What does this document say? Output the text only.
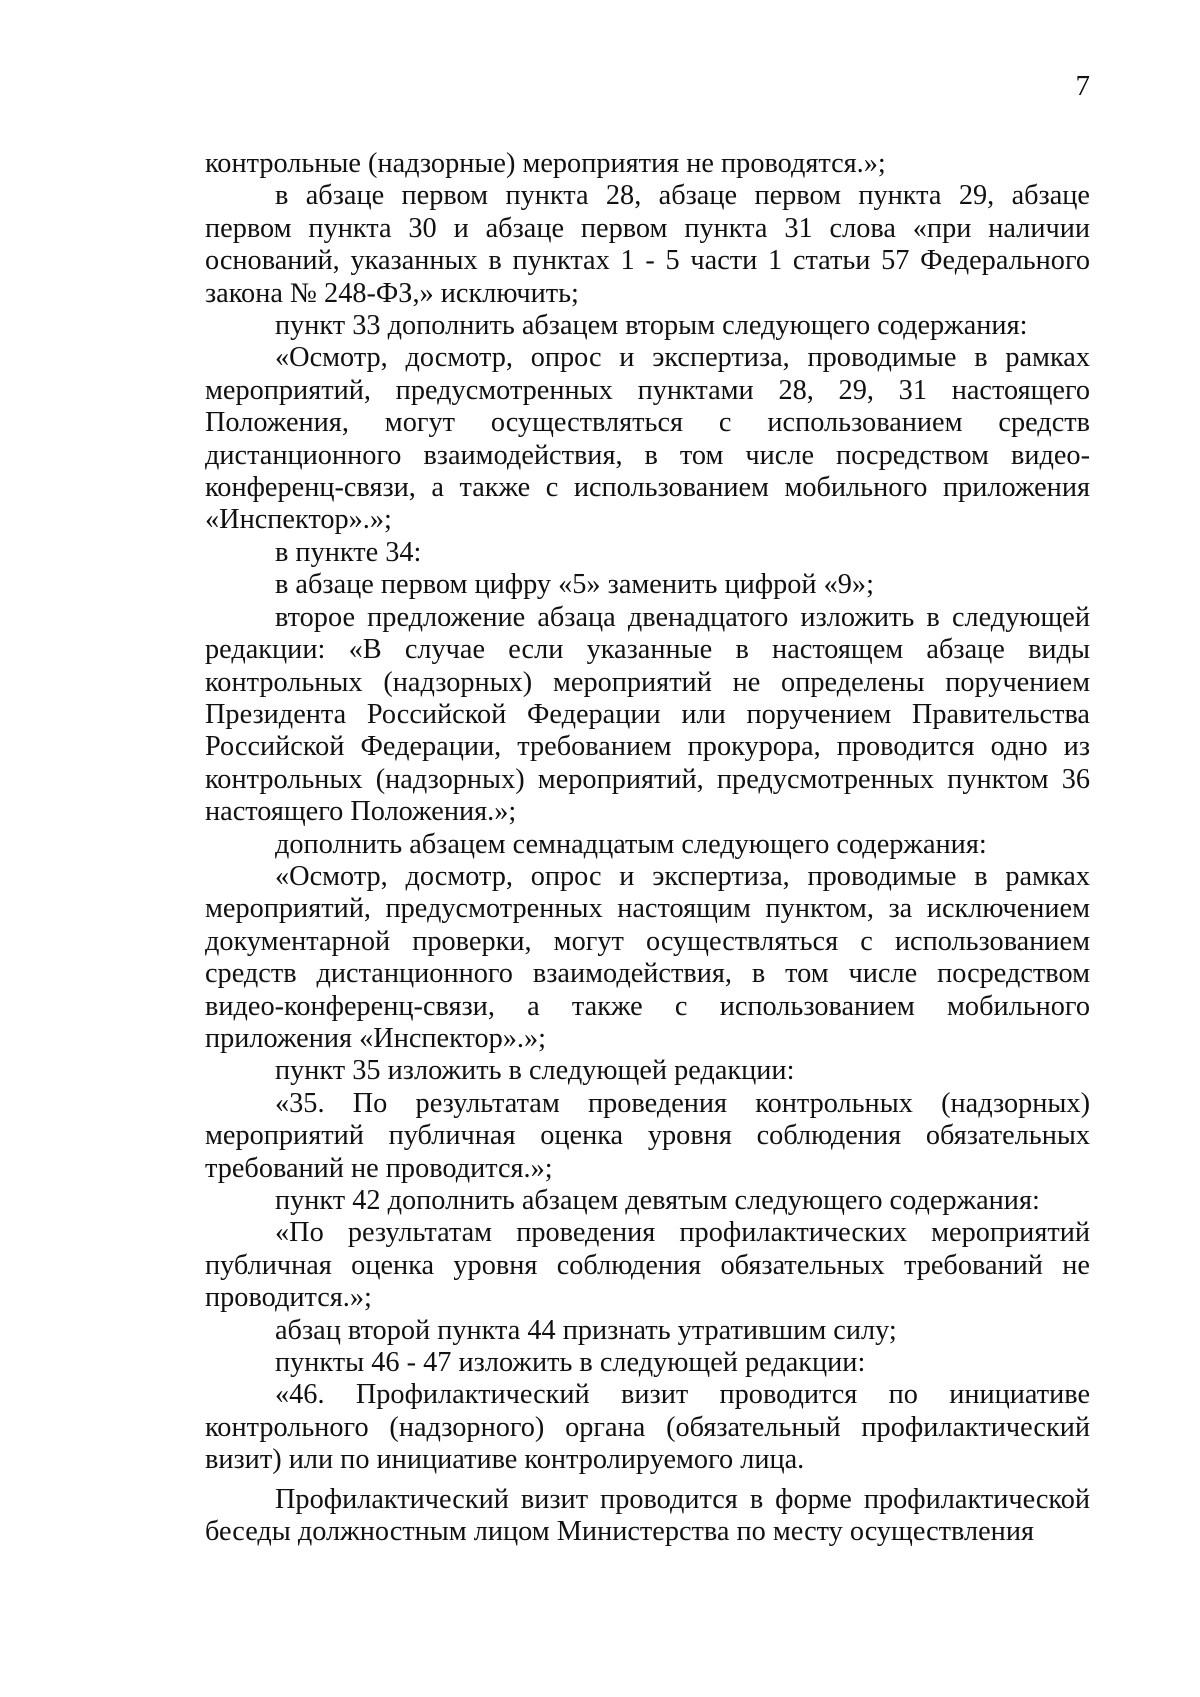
7

контрольные (надзорные) мероприятия не проводятся.»;

в абзаце первом пункта 28, абзаце первом пункта 29, абзаце первом пункта 30 и абзаце первом пункта 31 слова «при наличии оснований, указанных в пунктах 1 - 5 части 1 статьи 57 Федерального закона № 248-ФЗ,» исключить;

пункт 33 дополнить абзацем вторым следующего содержания:

«Осмотр, досмотр, опрос и экспертиза, проводимые в рамках мероприятий, предусмотренных пунктами 28, 29, 31 настоящего Положения, могут осуществляться с использованием средств дистанционного взаимодействия, в том числе посредством видео-конференц-связи, а также с использованием мобильного приложения «Инспектор».»;

в пункте 34:

в абзаце первом цифру «5» заменить цифрой «9»;

второе предложение абзаца двенадцатого изложить в следующей редакции: «В случае если указанные в настоящем абзаце виды контрольных (надзорных) мероприятий не определены поручением Президента Российской Федерации или поручением Правительства Российской Федерации, требованием прокурора, проводится одно из контрольных (надзорных) мероприятий, предусмотренных пунктом 36 настоящего Положения.»;

дополнить абзацем семнадцатым следующего содержания:

«Осмотр, досмотр, опрос и экспертиза, проводимые в рамках мероприятий, предусмотренных настоящим пунктом, за исключением документарной проверки, могут осуществляться с использованием средств дистанционного взаимодействия, в том числе посредством видео-конференц-связи, а также с использованием мобильного приложения «Инспектор».»;

пункт 35 изложить в следующей редакции:

«35. По результатам проведения контрольных (надзорных) мероприятий публичная оценка уровня соблюдения обязательных требований не проводится.»;

пункт 42 дополнить абзацем девятым следующего содержания:

«По результатам проведения профилактических мероприятий публичная оценка уровня соблюдения обязательных требований не проводится.»;

абзац второй пункта 44 признать утратившим силу;

пункты 46 - 47 изложить в следующей редакции:

«46. Профилактический визит проводится по инициативе контрольного (надзорного) органа (обязательный профилактический визит) или по инициативе контролируемого лица.

Профилактический визит проводится в форме профилактической беседы должностным лицом Министерства по месту осуществления
